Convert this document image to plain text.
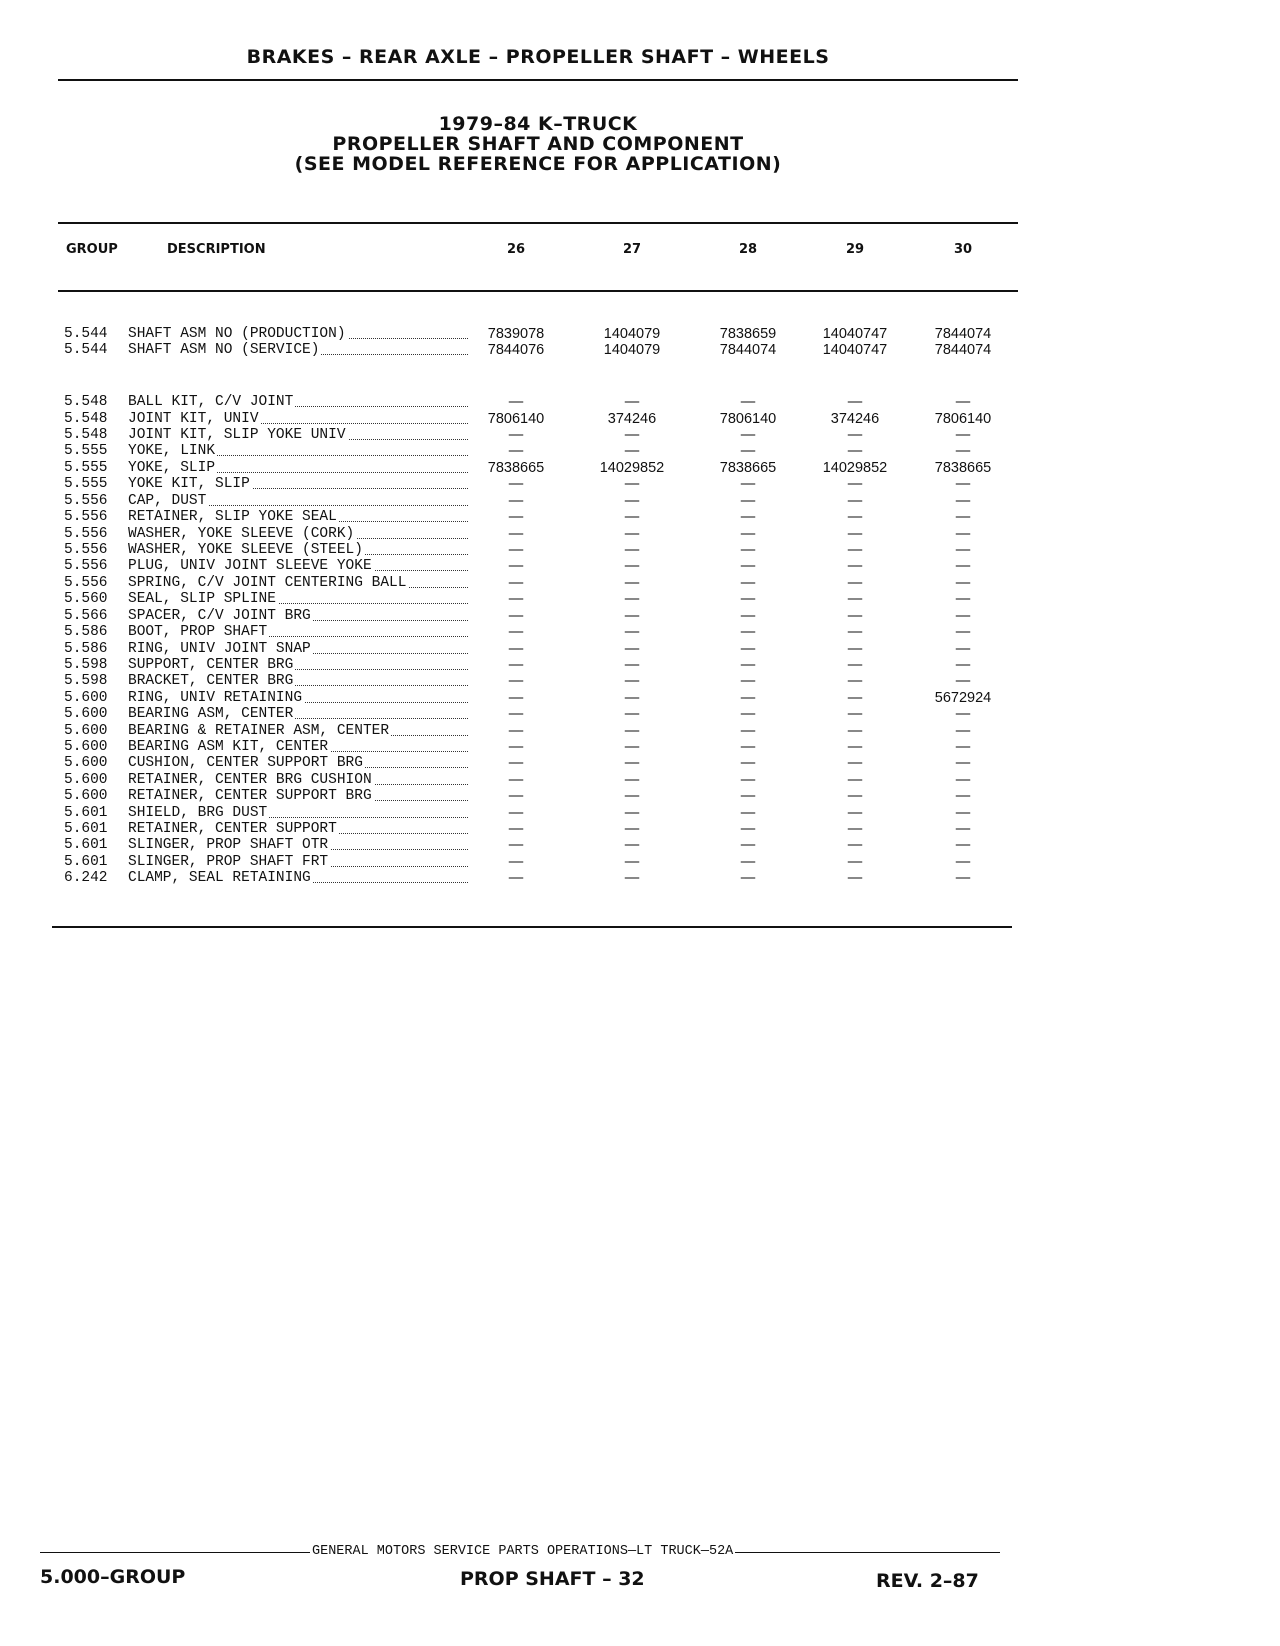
BRAKES – REAR AXLE – PROPELLER SHAFT – WHEELS
1979–84 K–TRUCK
PROPELLER SHAFT AND COMPONENT
(SEE MODEL REFERENCE FOR APPLICATION)
GROUP	DESCRIPTION	26	27	28	29	30
5.544 SHAFT ASM NO (PRODUCTION)	7839078	1404079	7838659	14040747	7844074
5.544 SHAFT ASM NO (SERVICE)	7844076	1404079	7844074	14040747	7844074
5.548 BALL KIT, C/V JOINT	—	—	—	—	—
5.548 JOINT KIT, UNIV	7806140	374246	7806140	374246	7806140
5.548 JOINT KIT, SLIP YOKE UNIV	—	—	—	—	—
5.555 YOKE, LINK	—	—	—	—	—
5.555 YOKE, SLIP	7838665	14029852	7838665	14029852	7838665
5.555 YOKE KIT, SLIP	—	—	—	—	—
5.556 CAP, DUST	—	—	—	—	—
5.556 RETAINER, SLIP YOKE SEAL	—	—	—	—	—
5.556 WASHER, YOKE SLEEVE (CORK)	—	—	—	—	—
5.556 WASHER, YOKE SLEEVE (STEEL)	—	—	—	—	—
5.556 PLUG, UNIV JOINT SLEEVE YOKE	—	—	—	—	—
5.556 SPRING, C/V JOINT CENTERING BALL	—	—	—	—	—
5.560 SEAL, SLIP SPLINE	—	—	—	—	—
5.566 SPACER, C/V JOINT BRG	—	—	—	—	—
5.586 BOOT, PROP SHAFT	—	—	—	—	—
5.586 RING, UNIV JOINT SNAP	—	—	—	—	—
5.598 SUPPORT, CENTER BRG	—	—	—	—	—
5.598 BRACKET, CENTER BRG	—	—	—	—	—
5.600 RING, UNIV RETAINING	—	—	—	—	5672924
5.600 BEARING ASM, CENTER	—	—	—	—	—
5.600 BEARING & RETAINER ASM, CENTER	—	—	—	—	—
5.600 BEARING ASM KIT, CENTER	—	—	—	—	—
5.600 CUSHION, CENTER SUPPORT BRG	—	—	—	—	—
5.600 RETAINER, CENTER BRG CUSHION	—	—	—	—	—
5.600 RETAINER, CENTER SUPPORT BRG	—	—	—	—	—
5.601 SHIELD, BRG DUST	—	—	—	—	—
5.601 RETAINER, CENTER SUPPORT	—	—	—	—	—
5.601 SLINGER, PROP SHAFT OTR	—	—	—	—	—
5.601 SLINGER, PROP SHAFT FRT	—	—	—	—	—
6.242 CLAMP, SEAL RETAINING	—	—	—	—	—
GENERAL MOTORS SERVICE PARTS OPERATIONS—LT TRUCK—52A
5.000–GROUP	PROP SHAFT – 32	REV. 2–87
